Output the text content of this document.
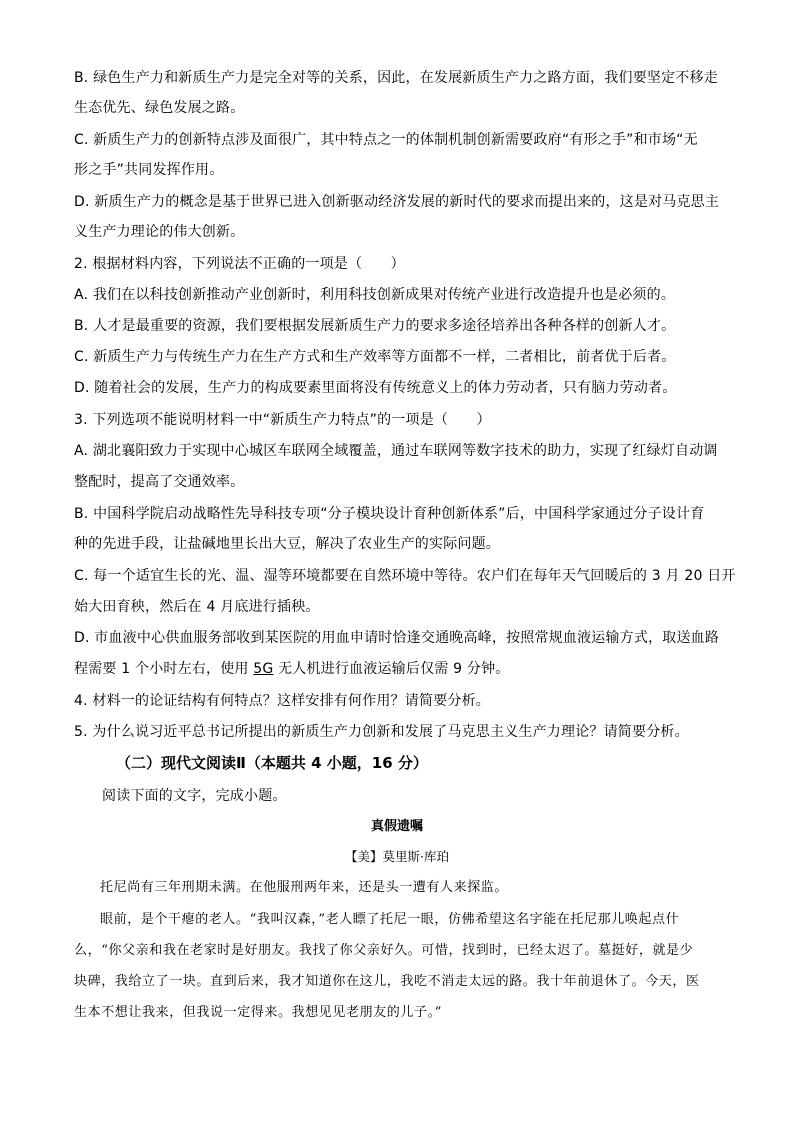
B. 绿色生产力和新质生产力是完全对等的关系，因此，在发展新质生产力之路方面，我们要坚定不移走
生态优先、绿色发展之路。
C. 新质生产力的创新特点涉及面很广，其中特点之一的体制机制创新需要政府“有形之手”和市场“无
形之手”共同发挥作用。
D. 新质生产力的概念是基于世界已进入创新驱动经济发展的新时代的要求而提出来的，这是对马克思主
义生产力理论的伟大创新。
2. 根据材料内容，下列说法不正确的一项是（　　）
A. 我们在以科技创新推动产业创新时，利用科技创新成果对传统产业进行改造提升也是必须的。
B. 人才是最重要的资源，我们要根据发展新质生产力的要求多途径培养出各种各样的创新人才。
C. 新质生产力与传统生产力在生产方式和生产效率等方面都不一样，二者相比，前者优于后者。
D. 随着社会的发展，生产力的构成要素里面将没有传统意义上的体力劳动者，只有脑力劳动者。
3. 下列选项不能说明材料一中“新质生产力特点”的一项是（　　）
A. 湖北襄阳致力于实现中心城区车联网全域覆盖，通过车联网等数字技术的助力，实现了红绿灯自动调
整配时，提高了交通效率。
B. 中国科学院启动战略性先导科技专项“分子模块设计育种创新体系”后，中国科学家通过分子设计育
种的先进手段，让盐碱地里长出大豆，解决了农业生产的实际问题。
C. 每一个适宜生长的光、温、湿等环境都要在自然环境中等待。农户们在每年天气回暖后的 3 月 20 日开
始大田育秧，然后在 4 月底进行插秧。
D. 市血液中心供血服务部收到某医院的用血申请时恰逢交通晚高峰，按照常规血液运输方式，取送血路
程需要 1 个小时左右，使用 5G 无人机进行血液运输后仅需 9 分钟。
4. 材料一的论证结构有何特点？这样安排有何作用？请简要分析。
5. 为什么说习近平总书记所提出的新质生产力创新和发展了马克思主义生产力理论？请简要分析。
（二）现代文阅读Ⅱ（本题共 4 小题，16 分）
阅读下面的文字，完成小题。
真假遗嘱
【美】莫里斯·库珀
托尼尚有三年刑期未满。在他服刑两年来，还是头一遭有人来探监。
眼前，是个干瘪的老人。“我叫汉森，”老人瞟了托尼一眼，仿佛希望这名字能在托尼那儿唤起点什
么，“你父亲和我在老家时是好朋友。我找了你父亲好久。可惜，找到时，已经太迟了。墓挺好，就是少
块碑，我给立了一块。直到后来，我才知道你在这儿，我吃不消走太远的路。我十年前退休了。今天，医
生本不想让我来，但我说一定得来。我想见见老朋友的儿子。”
